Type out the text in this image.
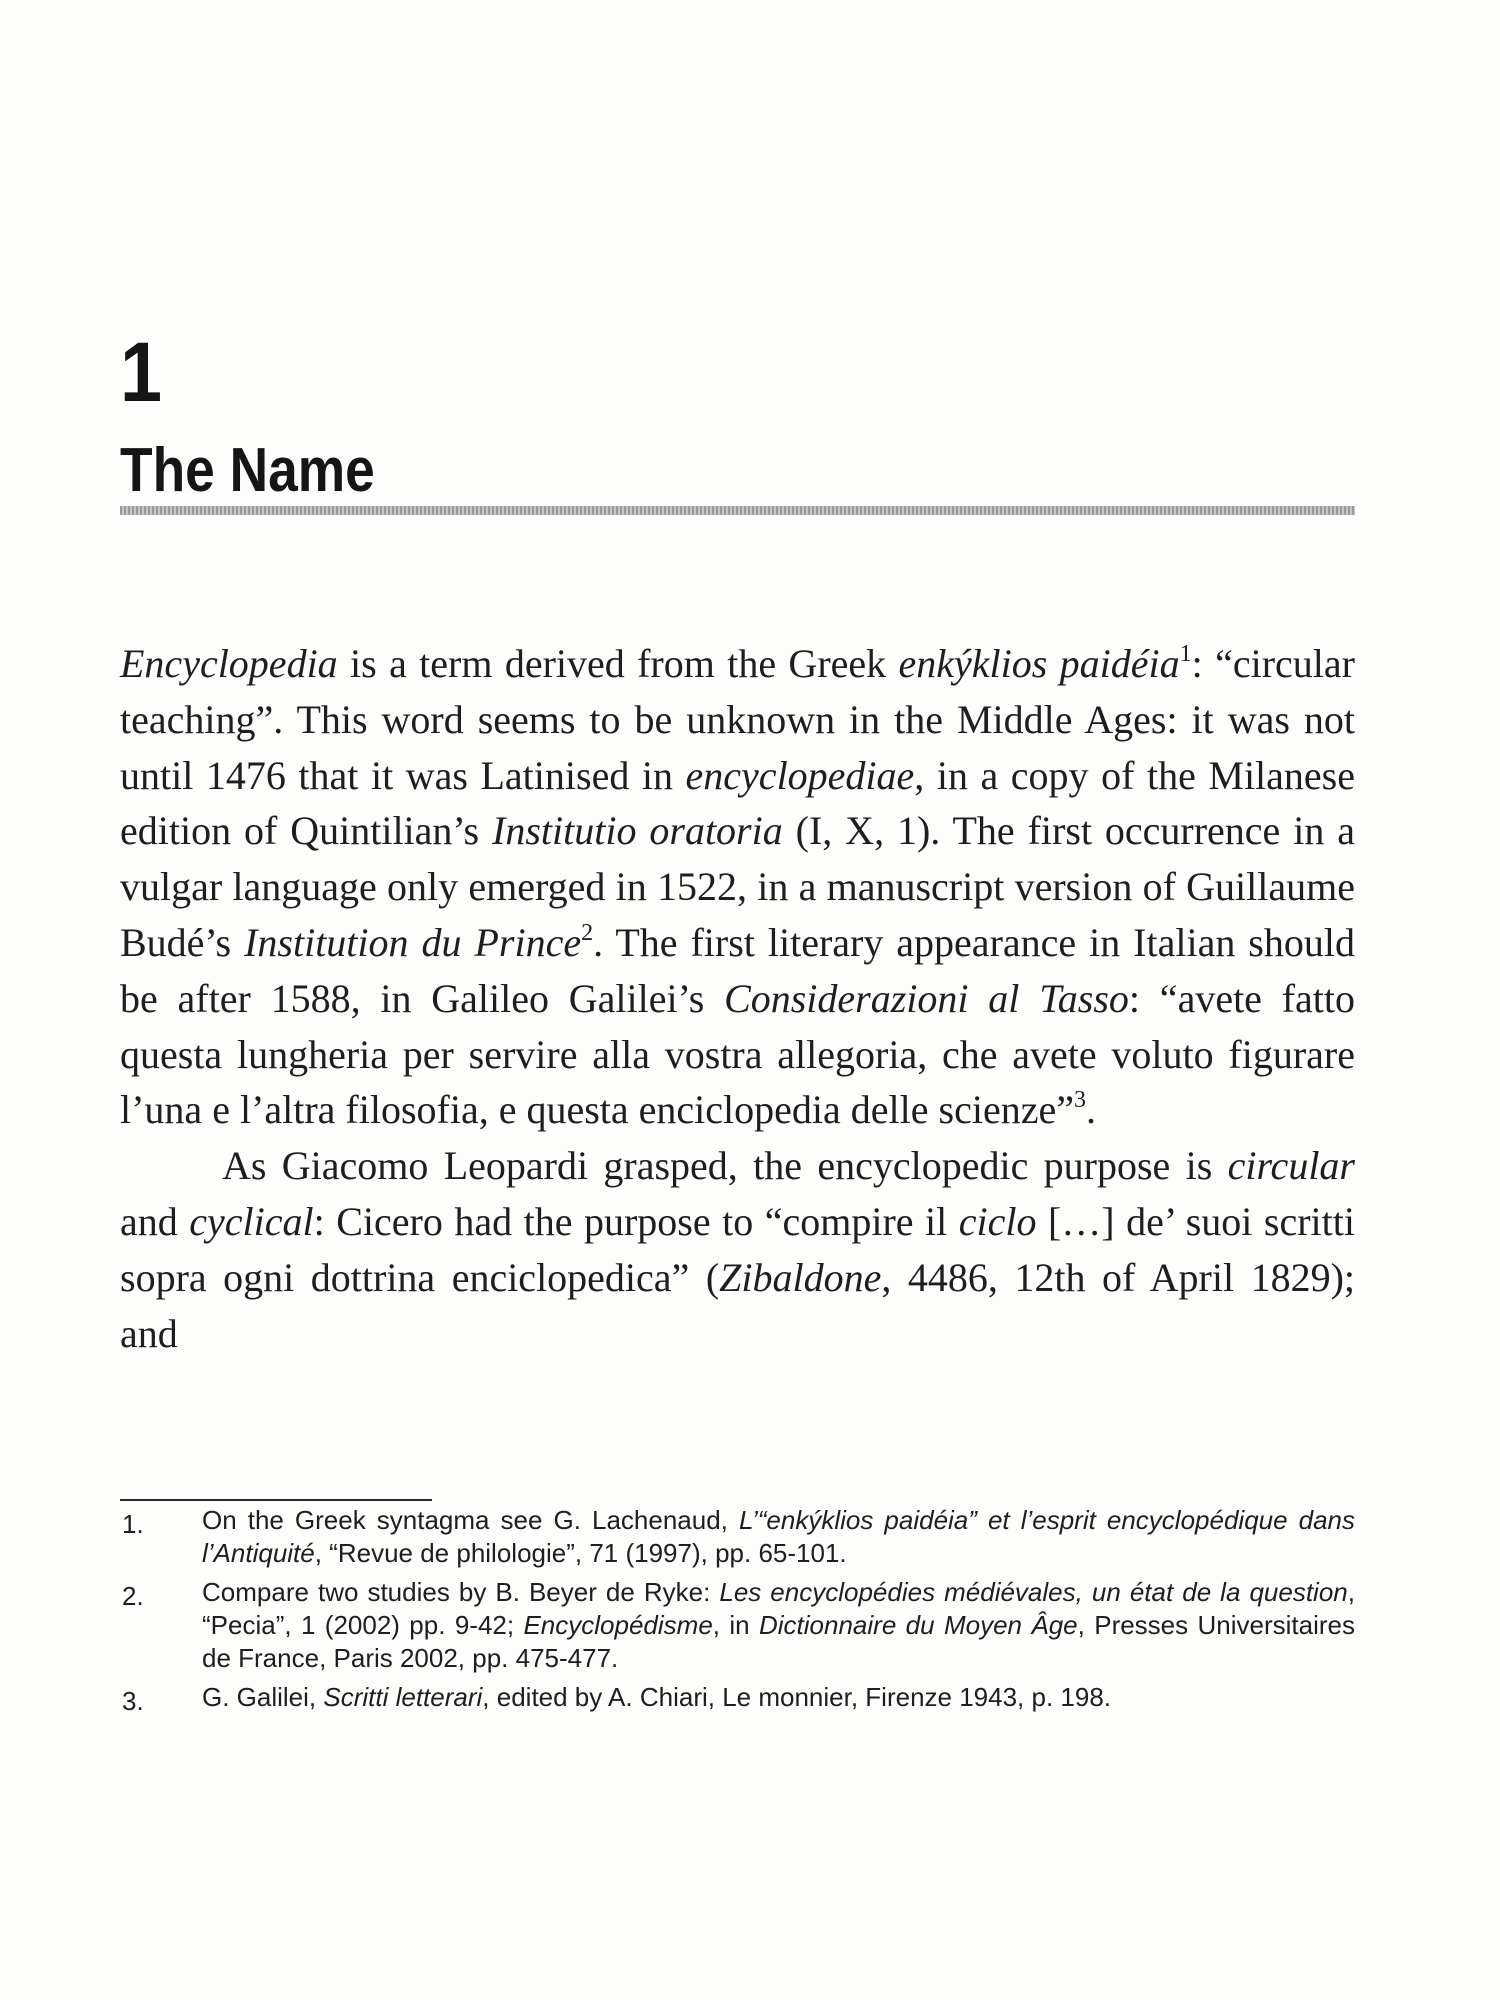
1
The Name

Encyclopedia is a term derived from the Greek enkýklios paidéia$^1$: “circular teaching”. This word seems to be unknown in the Middle Ages: it was not until 1476 that it was Latinised in encyclopediae, in a copy of the Milanese edition of Quintilian’s Institutio oratoria (I, X, 1). The first occurrence in a vulgar language only emerged in 1522, in a manuscript version of Guillaume Budé’s Institution du Prince$^2$. The first literary appearance in Italian should be after 1588, in Galileo Galilei’s Considerazioni al Tasso: “avete fatto questa lungheria per servire alla vostra allegoria, che avete voluto figurare l’una e l’altra filosofia, e questa enciclopedia delle scienze”$^3$.

As Giacomo Leopardi grasped, the encyclopedic purpose is circular and cyclical: Cicero had the purpose to “compire il ciclo […] de’ suoi scritti sopra ogni dottrina enciclopedica” (Zibaldone, 4486, 12th of April 1829); and

1. On the Greek syntagma see G. Lachenaud, L’“enkýklios paidéia” et l’esprit encyclopédique dans l’Antiquité, “Revue de philologie”, 71 (1997), pp. 65-101.
2. Compare two studies by B. Beyer de Ryke: Les encyclopédies médiévales, un état de la question, “Pecia”, 1 (2002) pp. 9-42; Encyclopédisme, in Dictionnaire du Moyen Âge, Presses Universitaires de France, Paris 2002, pp. 475-477.
3. G. Galilei, Scritti letterari, edited by A. Chiari, Le monnier, Firenze 1943, p. 198.
